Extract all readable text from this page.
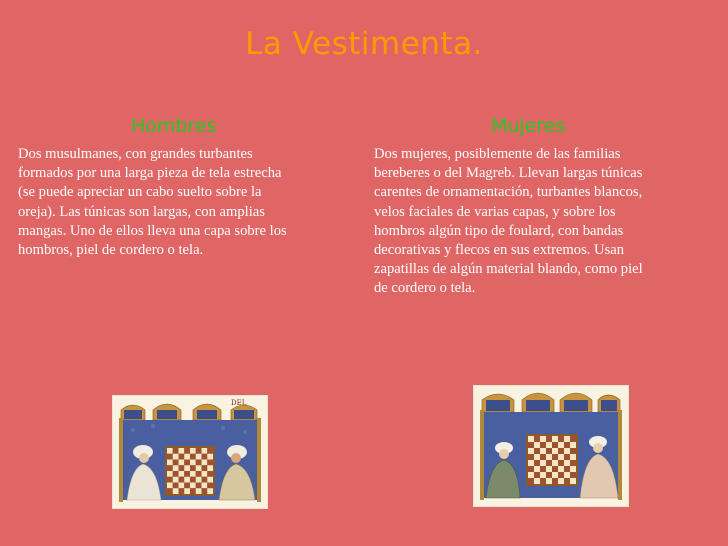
La Vestimenta.
Hombres
Dos musulmanes, con grandes turbantes
formados por una larga pieza de tela estrecha
(se puede apreciar un cabo suelto sobre la
oreja). Las túnicas son largas, con amplias
mangas. Uno de ellos lleva una capa sobre los
hombros, piel de cordero o tela.
Mujeres
Dos mujeres, posiblemente de las familias
bereberes o del Magreb. Llevan largas túnicas
carentes de ornamentación, turbantes blancos,
velos faciales de varias capas, y sobre los
hombros algún tipo de foulard, con bandas
decorativas y flecos en sus extremos. Usan
zapatillas de algún material blando, como piel
de cordero o tela.
DEL
